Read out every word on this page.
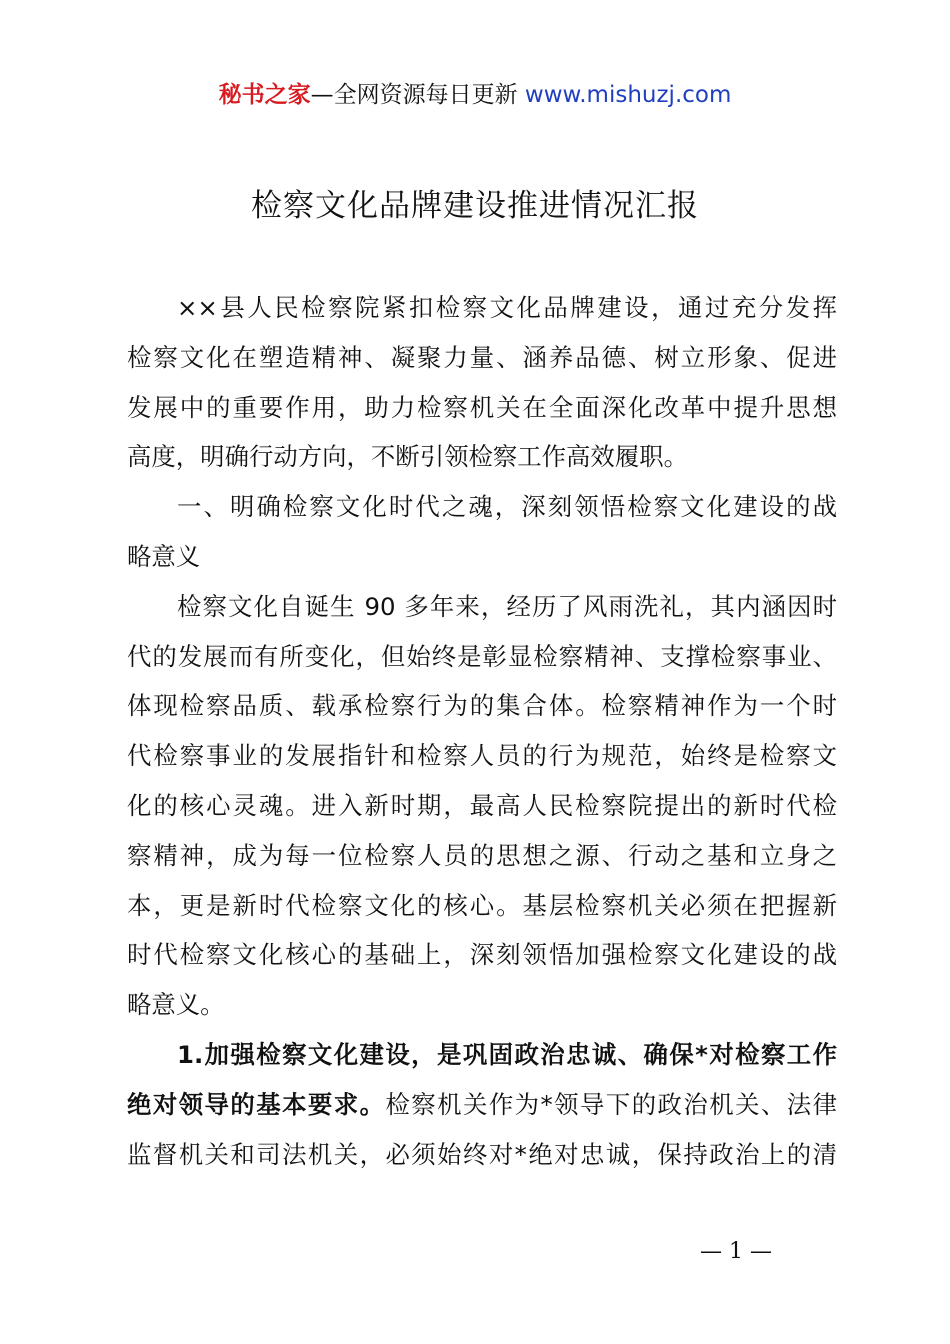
秘书之家—全网资源每日更新 www.mishuzj.com
检察文化品牌建设推进情况汇报
××县人民检察院紧扣检察文化品牌建设，通过充分发挥
检察文化在塑造精神、凝聚力量、涵养品德、树立形象、促进
发展中的重要作用，助力检察机关在全面深化改革中提升思想
高度，明确行动方向，不断引领检察工作高效履职。
一、明确检察文化时代之魂，深刻领悟检察文化建设的战
略意义
检察文化自诞生 90 多年来，经历了风雨洗礼，其内涵因时
代的发展而有所变化，但始终是彰显检察精神、支撑检察事业、
体现检察品质、载承检察行为的集合体。检察精神作为一个时
代检察事业的发展指针和检察人员的行为规范，始终是检察文
化的核心灵魂。进入新时期，最高人民检察院提出的新时代检
察精神，成为每一位检察人员的思想之源、行动之基和立身之
本，更是新时代检察文化的核心。基层检察机关必须在把握新
时代检察文化核心的基础上，深刻领悟加强检察文化建设的战
略意义。
1.加强检察文化建设，是巩固政治忠诚、确保*对检察工作
绝对领导的基本要求。检察机关作为*领导下的政治机关、法律
监督机关和司法机关，必须始终对*绝对忠诚，保持政治上的清
— 1 —
